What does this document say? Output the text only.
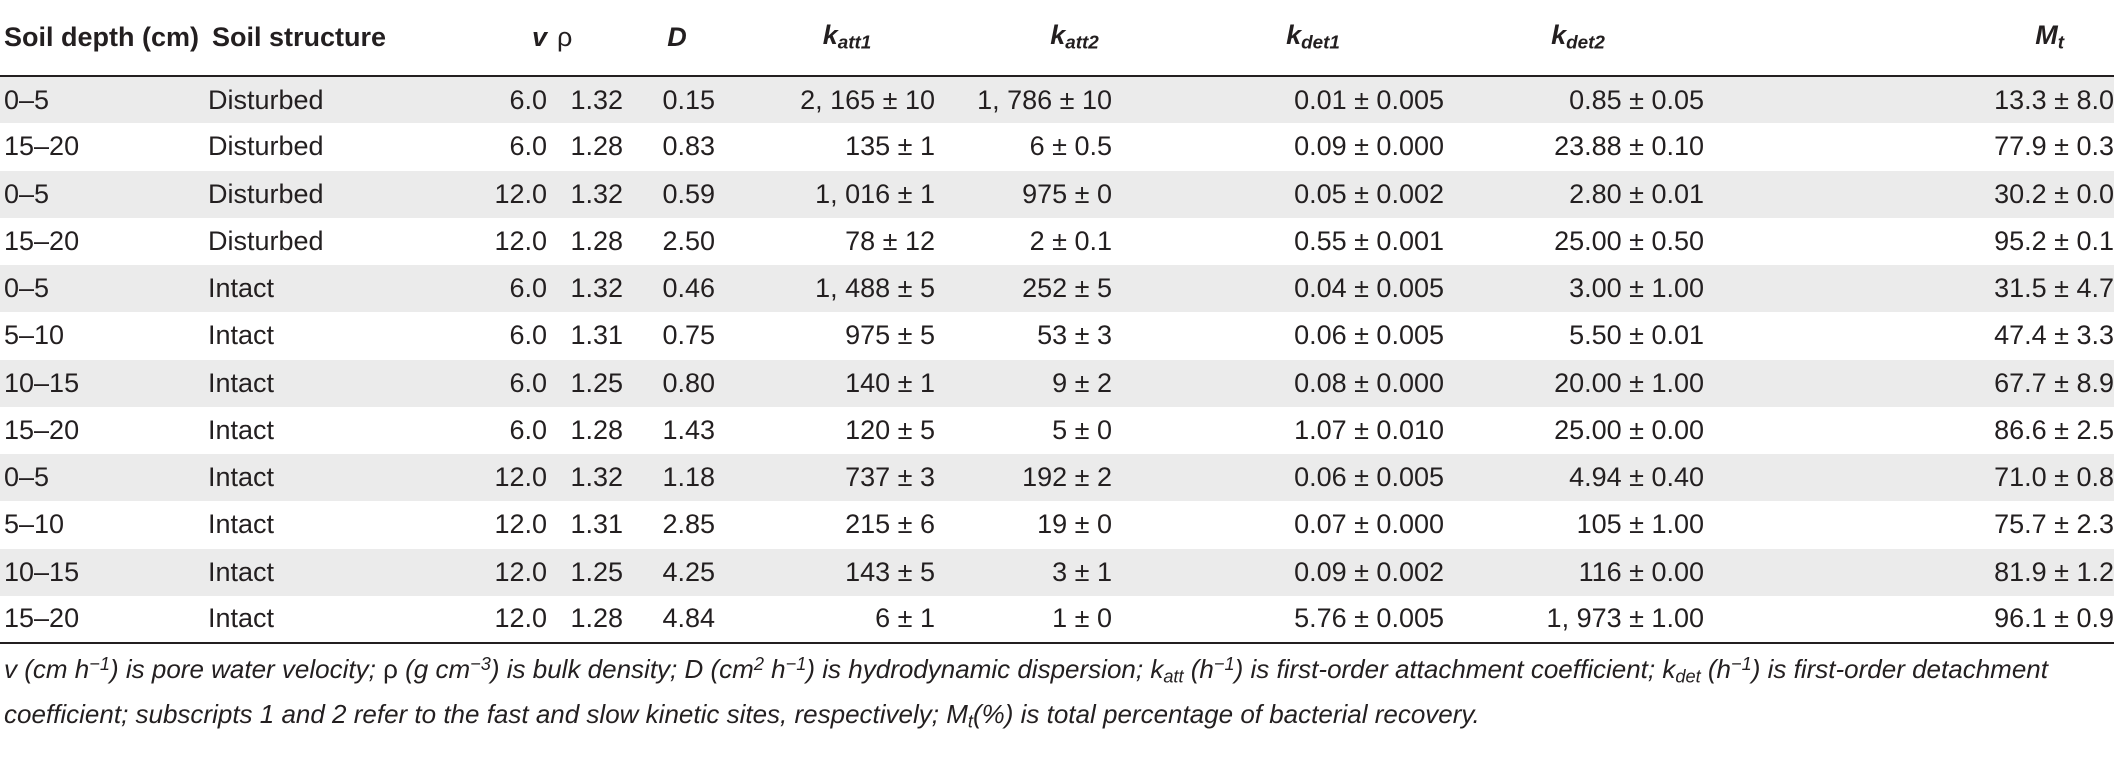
Soil depth (cm)	Soil structure	v	ρ	D	$k_{att1}$	$k_{att2}$	$k_{det1}$	$k_{det2}$	$M_t$
0–5	Disturbed	6.0	1.32	0.15	2, 165 ± 10	1, 786 ± 10	0.01 ± 0.005	0.85 ± 0.05	13.3 ± 8.0
15–20	Disturbed	6.0	1.28	0.83	135 ± 1	6 ± 0.5	0.09 ± 0.000	23.88 ± 0.10	77.9 ± 0.3
0–5	Disturbed	12.0	1.32	0.59	1, 016 ± 1	975 ± 0	0.05 ± 0.002	2.80 ± 0.01	30.2 ± 0.0
15–20	Disturbed	12.0	1.28	2.50	78 ± 12	2 ± 0.1	0.55 ± 0.001	25.00 ± 0.50	95.2 ± 0.1
0–5	Intact	6.0	1.32	0.46	1, 488 ± 5	252 ± 5	0.04 ± 0.005	3.00 ± 1.00	31.5 ± 4.7
5–10	Intact	6.0	1.31	0.75	975 ± 5	53 ± 3	0.06 ± 0.005	5.50 ± 0.01	47.4 ± 3.3
10–15	Intact	6.0	1.25	0.80	140 ± 1	9 ± 2	0.08 ± 0.000	20.00 ± 1.00	67.7 ± 8.9
15–20	Intact	6.0	1.28	1.43	120 ± 5	5 ± 0	1.07 ± 0.010	25.00 ± 0.00	86.6 ± 2.5
0–5	Intact	12.0	1.32	1.18	737 ± 3	192 ± 2	0.06 ± 0.005	4.94 ± 0.40	71.0 ± 0.8
5–10	Intact	12.0	1.31	2.85	215 ± 6	19 ± 0	0.07 ± 0.000	105 ± 1.00	75.7 ± 2.3
10–15	Intact	12.0	1.25	4.25	143 ± 5	3 ± 1	0.09 ± 0.002	116 ± 0.00	81.9 ± 1.2
15–20	Intact	12.0	1.28	4.84	6 ± 1	1 ± 0	5.76 ± 0.005	1, 973 ± 1.00	96.1 ± 0.9
v (cm $h^{-1}$) is pore water velocity; ρ (g $cm^{-3}$) is bulk density; D ($cm^2$ $h^{-1}$) is hydrodynamic dispersion; $k_{att}$ $(h^{-1})$ is first-order attachment coefficient; $k_{det}$ $(h^{-1})$ is first-order detachment coefficient; subscripts 1 and 2 refer to the fast and slow kinetic sites, respectively; $M_t(\%)$ is total percentage of bacterial recovery.
